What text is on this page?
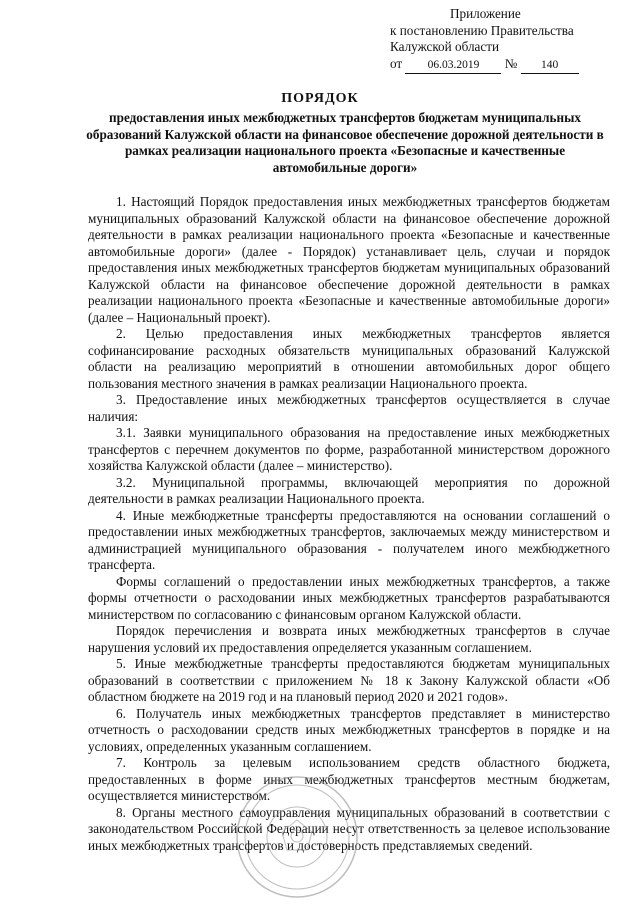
Приложение
к постановлению Правительства
Калужской области
от 06.03.2019 № 140
ПОРЯДОК
предоставления иных межбюджетных трансфертов бюджетам муниципальных образований Калужской области на финансовое обеспечение дорожной деятельности в рамках реализации национального проекта «Безопасные и качественные автомобильные дороги»

1. Настоящий Порядок предоставления иных межбюджетных трансфертов бюджетам муниципальных образований Калужской области на финансовое обеспечение дорожной деятельности в рамках реализации национального проекта «Безопасные и качественные автомобильные дороги» (далее - Порядок) устанавливает цель, случаи и порядок предоставления иных межбюджетных трансфертов бюджетам муниципальных образований Калужской области на финансовое обеспечение дорожной деятельности в рамках реализации национального проекта «Безопасные и качественные автомобильные дороги» (далее – Национальный проект).

2. Целью предоставления иных межбюджетных трансфертов является софинансирование расходных обязательств муниципальных образований Калужской области на реализацию мероприятий в отношении автомобильных дорог общего пользования местного значения в рамках реализации Национального проекта.

3. Предоставление иных межбюджетных трансфертов осуществляется в случае наличия:

3.1. Заявки муниципального образования на предоставление иных межбюджетных трансфертов с перечнем документов по форме, разработанной министерством дорожного хозяйства Калужской области (далее – министерство).

3.2. Муниципальной программы, включающей мероприятия по дорожной деятельности в рамках реализации Национального проекта.

4. Иные межбюджетные трансферты предоставляются на основании соглашений о предоставлении иных межбюджетных трансфертов, заключаемых между министерством и администрацией муниципального образования - получателем иного межбюджетного трансферта.

Формы соглашений о предоставлении иных межбюджетных трансфертов, а также формы отчетности о расходовании иных межбюджетных трансфертов разрабатываются министерством по согласованию с финансовым органом Калужской области.

Порядок перечисления и возврата иных межбюджетных трансфертов в случае нарушения условий их предоставления определяется указанным соглашением.

5. Иные межбюджетные трансферты предоставляются бюджетам муниципальных образований в соответствии с приложением № 18 к Закону Калужской области «Об областном бюджете на 2019 год и на плановый период 2020 и 2021 годов».

6. Получатель иных межбюджетных трансфертов представляет в министерство отчетность о расходовании средств иных межбюджетных трансфертов в порядке и на условиях, определенных указанным соглашением.

7. Контроль за целевым использованием средств областного бюджета, предоставленных в форме иных межбюджетных трансфертов местным бюджетам, осуществляется министерством.

8. Органы местного самоуправления муниципальных образований в соответствии с законодательством Российской Федерации несут ответственность за целевое использование иных межбюджетных трансфертов и достоверность представляемых сведений.
